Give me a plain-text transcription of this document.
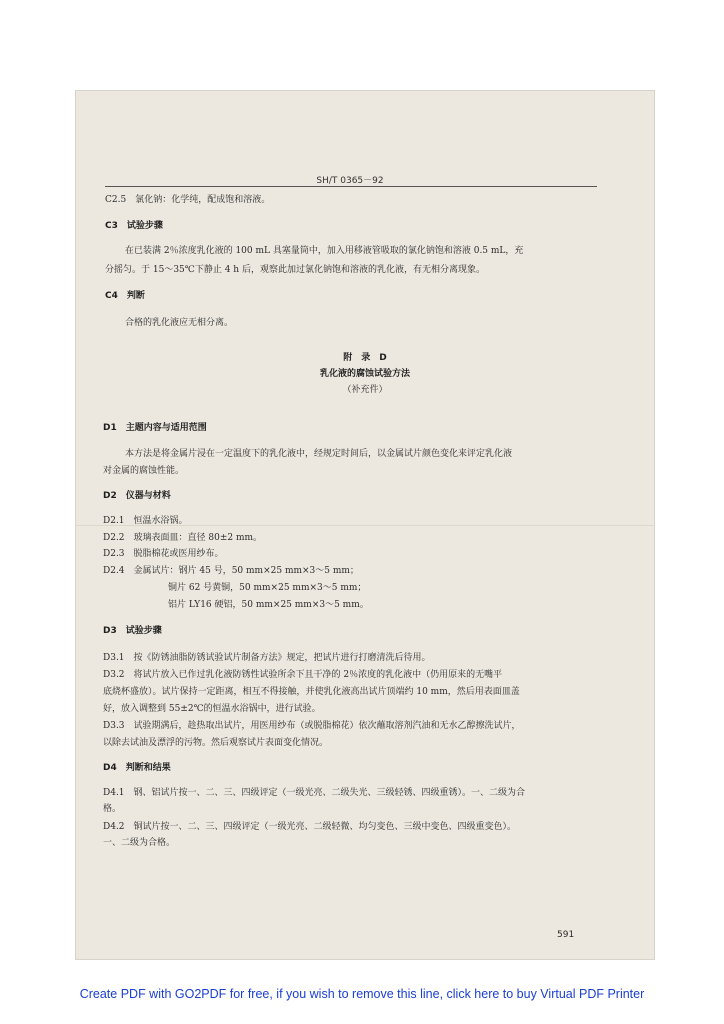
SH/T 0365－92
C2.5　氯化钠：化学纯，配成饱和溶液。
C3　试验步骤
在已装满 2％浓度乳化液的 100 mL 具塞量筒中，加入用移液管吸取的氯化钠饱和溶液 0.5 mL，充
分摇匀。于 15～35℃下静止 4 h 后，观察此加过氯化钠饱和溶液的乳化液，有无相分离现象。
C4　判断
合格的乳化液应无相分离。
附　录　D
乳化液的腐蚀试验方法
（补充件）
D1　主题内容与适用范围
本方法是将金属片浸在一定温度下的乳化液中，经规定时间后，以金属试片颜色变化来评定乳化液
对金属的腐蚀性能。
D2　仪器与材料
D2.1　恒温水浴锅。
D2.2　玻璃表面皿：直径 80±2 mm。
D2.3　脱脂棉花或医用纱布。
D2.4　金属试片：钢片 45 号，50 mm×25 mm×3～5 mm；
铜片 62 号黄铜，50 mm×25 mm×3～5 mm；
铝片 LY16 硬铝，50 mm×25 mm×3～5 mm。
D3　试验步骤
D3.1　按《防锈油脂防锈试验试片制备方法》规定，把试片进行打磨清洗后待用。
D3.2　将试片放入已作过乳化液防锈性试验所余下且干净的 2％浓度的乳化液中（仍用原来的无嘴平
底烧杯盛放）。试片保持一定距离，相互不得接触，并使乳化液高出试片顶端约 10 mm，然后用表面皿盖
好，放入调整到 55±2℃的恒温水浴锅中，进行试验。
D3.3　试验期满后，趁热取出试片，用医用纱布（或脱脂棉花）依次蘸取溶剂汽油和无水乙醇擦洗试片，
以除去试油及漂浮的污物。然后观察试片表面变化情况。
D4　判断和结果
D4.1　钢、铝试片按一、二、三、四级评定（一级光亮、二级失光、三级轻锈、四级重锈）。一、二级为合
格。
D4.2　铜试片按一、二、三、四级评定（一级光亮、二级轻微、均匀变色、三级中变色、四级重变色）。
一、二级为合格。
591
Create PDF with GO2PDF for free, if you wish to remove this line, click here to buy Virtual PDF Printer
